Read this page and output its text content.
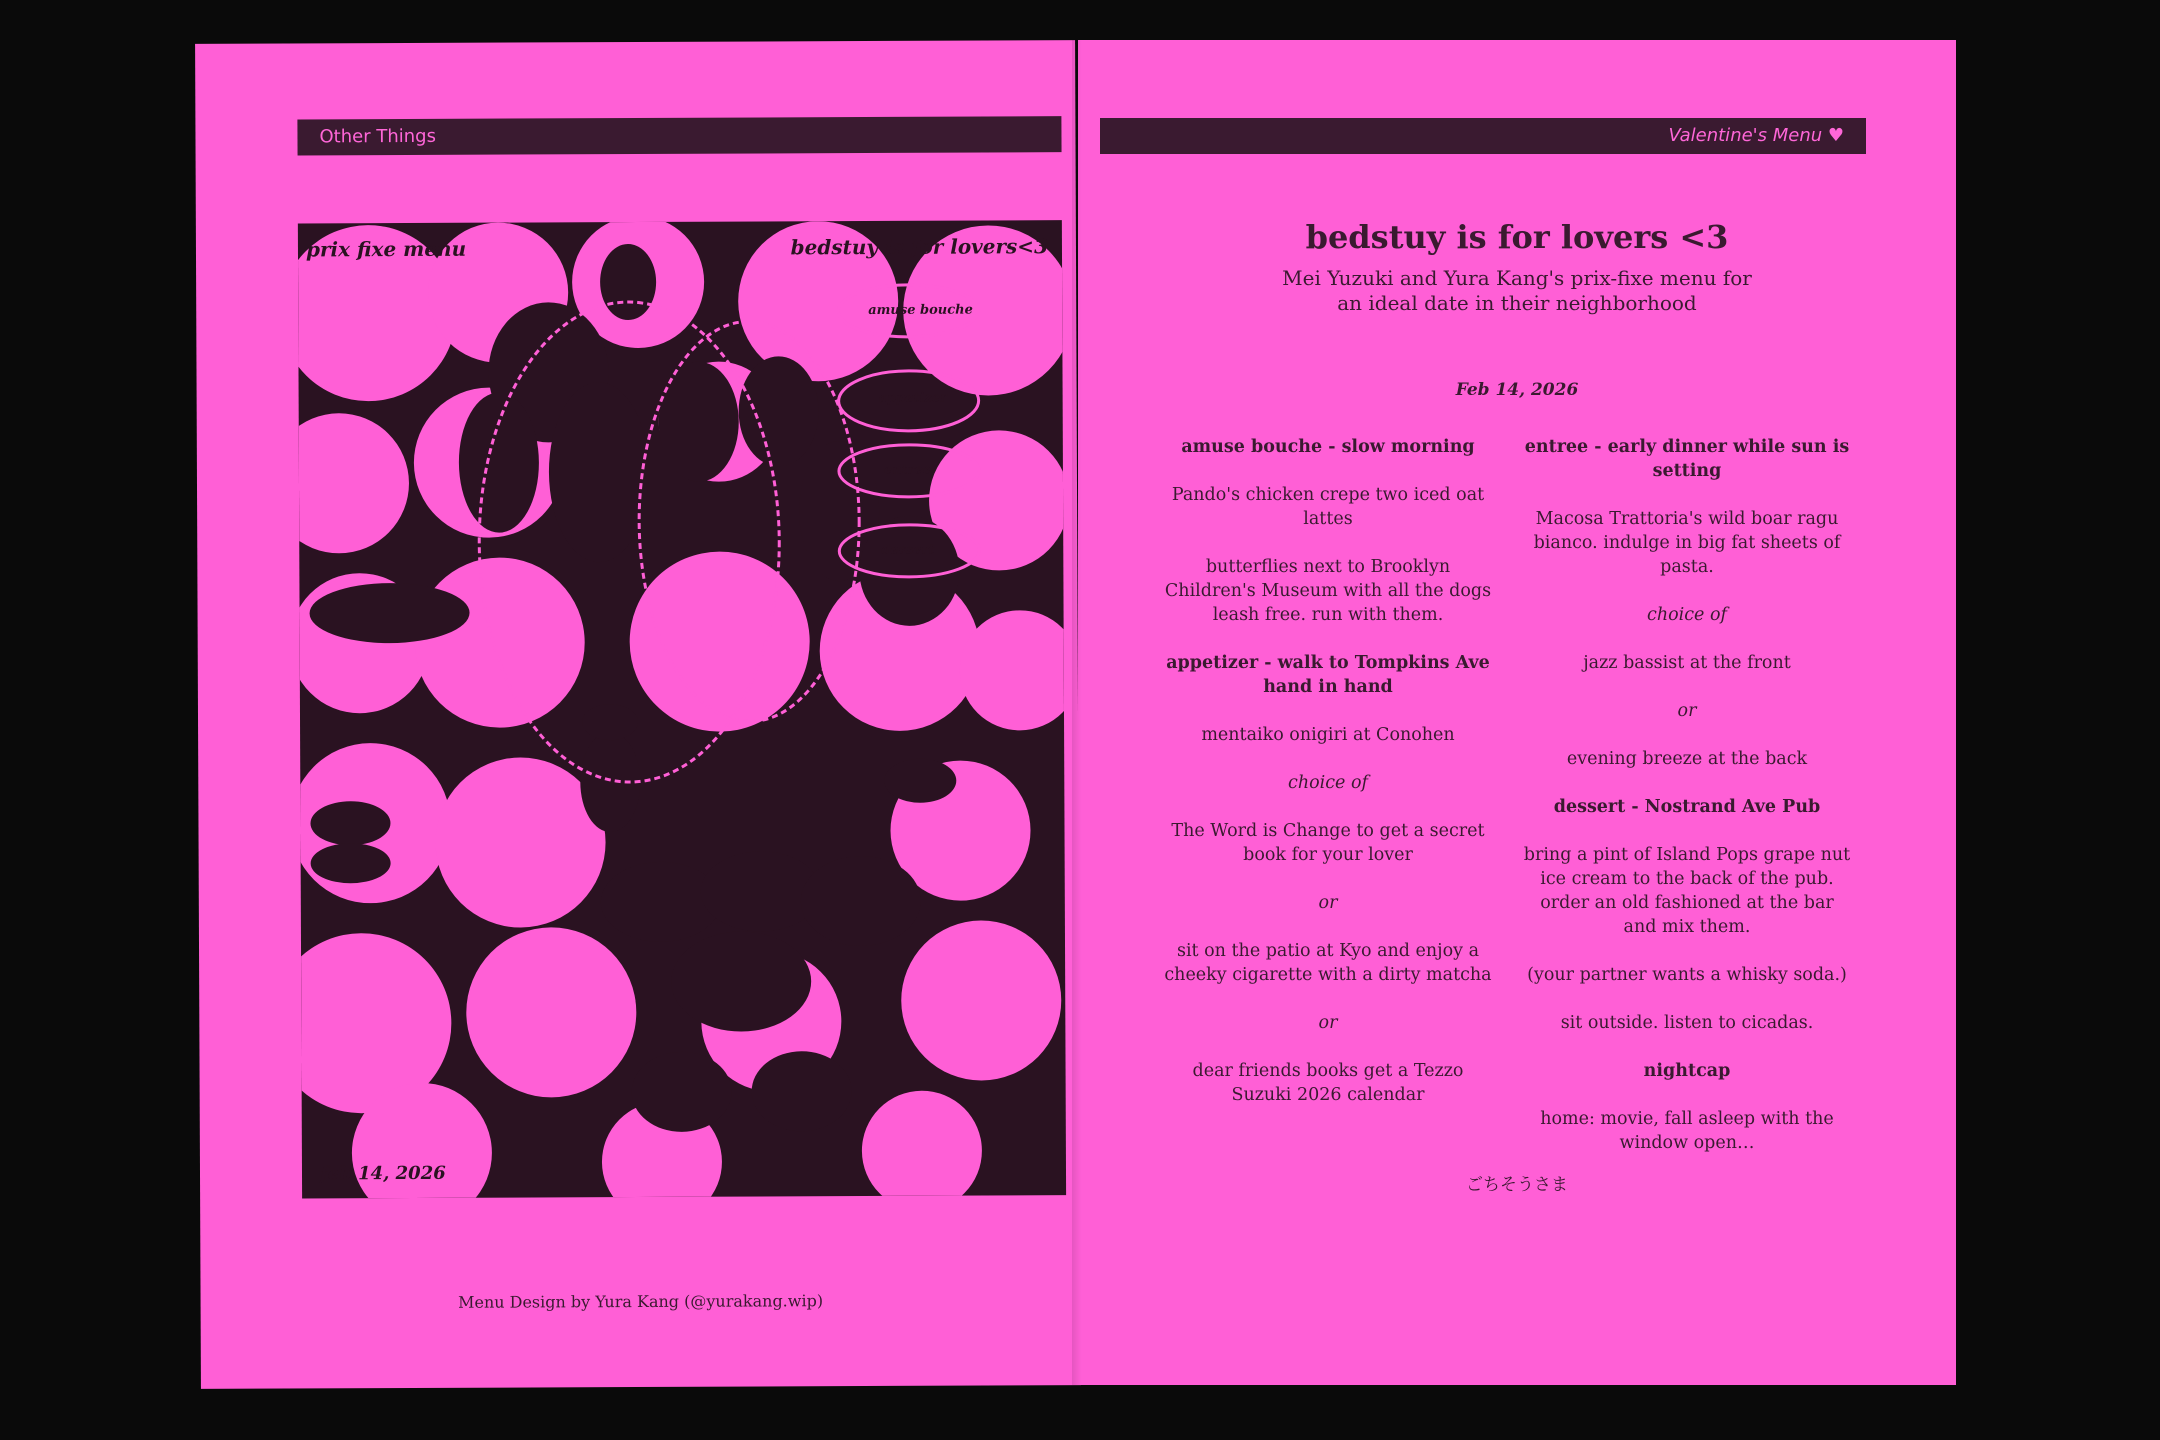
Other Things
prix fixe menu	bedstuy is for lovers<3
feb 14, 2026
amuse bouche
appetizer
entree
dessert
Menu Design by Yura Kang (@yurakang.wip)
Valentine's Menu ♥
bedstuy is for lovers <3
Mei Yuzuki and Yura Kang's prix-fixe menu for an ideal date in their neighborhood
Feb 14, 2026

amuse bouche - slow morning

Pando's chicken crepe two iced oat lattes

butterflies next to Brooklyn Children's Museum with all the dogs leash free. run with them.

appetizer - walk to Tompkins Ave hand in hand

mentaiko onigiri at Conohen

choice of

The Word is Change to get a secret book for your lover

or

sit on the patio at Kyo and enjoy a cheeky cigarette with a dirty matcha

or

dear friends books get a Tezzo Suzuki 2026 calendar

entree - early dinner while sun is setting

Macosa Trattoria's wild boar ragu bianco. indulge in big fat sheets of pasta.

choice of

jazz bassist at the front

or

evening breeze at the back

dessert - Nostrand Ave Pub

bring a pint of Island Pops grape nut ice cream to the back of the pub. order an old fashioned at the bar and mix them.

(your partner wants a whisky soda.)

sit outside. listen to cicadas.

nightcap

home: movie, fall asleep with the window open…

ごちそうさま
